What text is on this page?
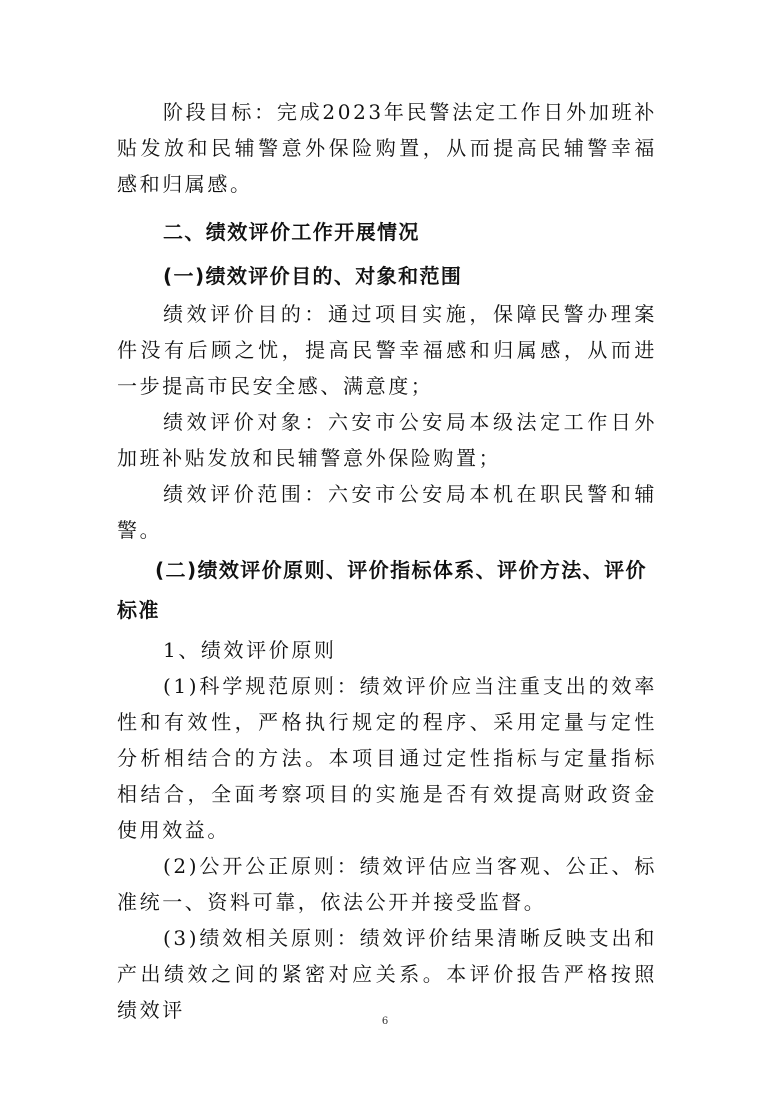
阶段目标：完成2023年民警法定工作日外加班补贴发放和民辅警意外保险购置，从而提高民辅警幸福感和归属感。

二、绩效评价工作开展情况

(一)绩效评价目的、对象和范围

绩效评价目的：通过项目实施，保障民警办理案件没有后顾之忧，提高民警幸福感和归属感，从而进一步提高市民安全感、满意度；

绩效评价对象：六安市公安局本级法定工作日外加班补贴发放和民辅警意外保险购置；

绩效评价范围：六安市公安局本机在职民警和辅警。

(二)绩效评价原则、评价指标体系、评价方法、评价标准

1、绩效评价原则

(1)科学规范原则：绩效评价应当注重支出的效率性和有效性，严格执行规定的程序、采用定量与定性分析相结合的方法。本项目通过定性指标与定量指标相结合，全面考察项目的实施是否有效提高财政资金使用效益。

(2)公开公正原则：绩效评估应当客观、公正、标准统一、资料可靠，依法公开并接受监督。

(3)绩效相关原则：绩效评价结果清晰反映支出和产出绩效之间的紧密对应关系。本评价报告严格按照绩效评	6
